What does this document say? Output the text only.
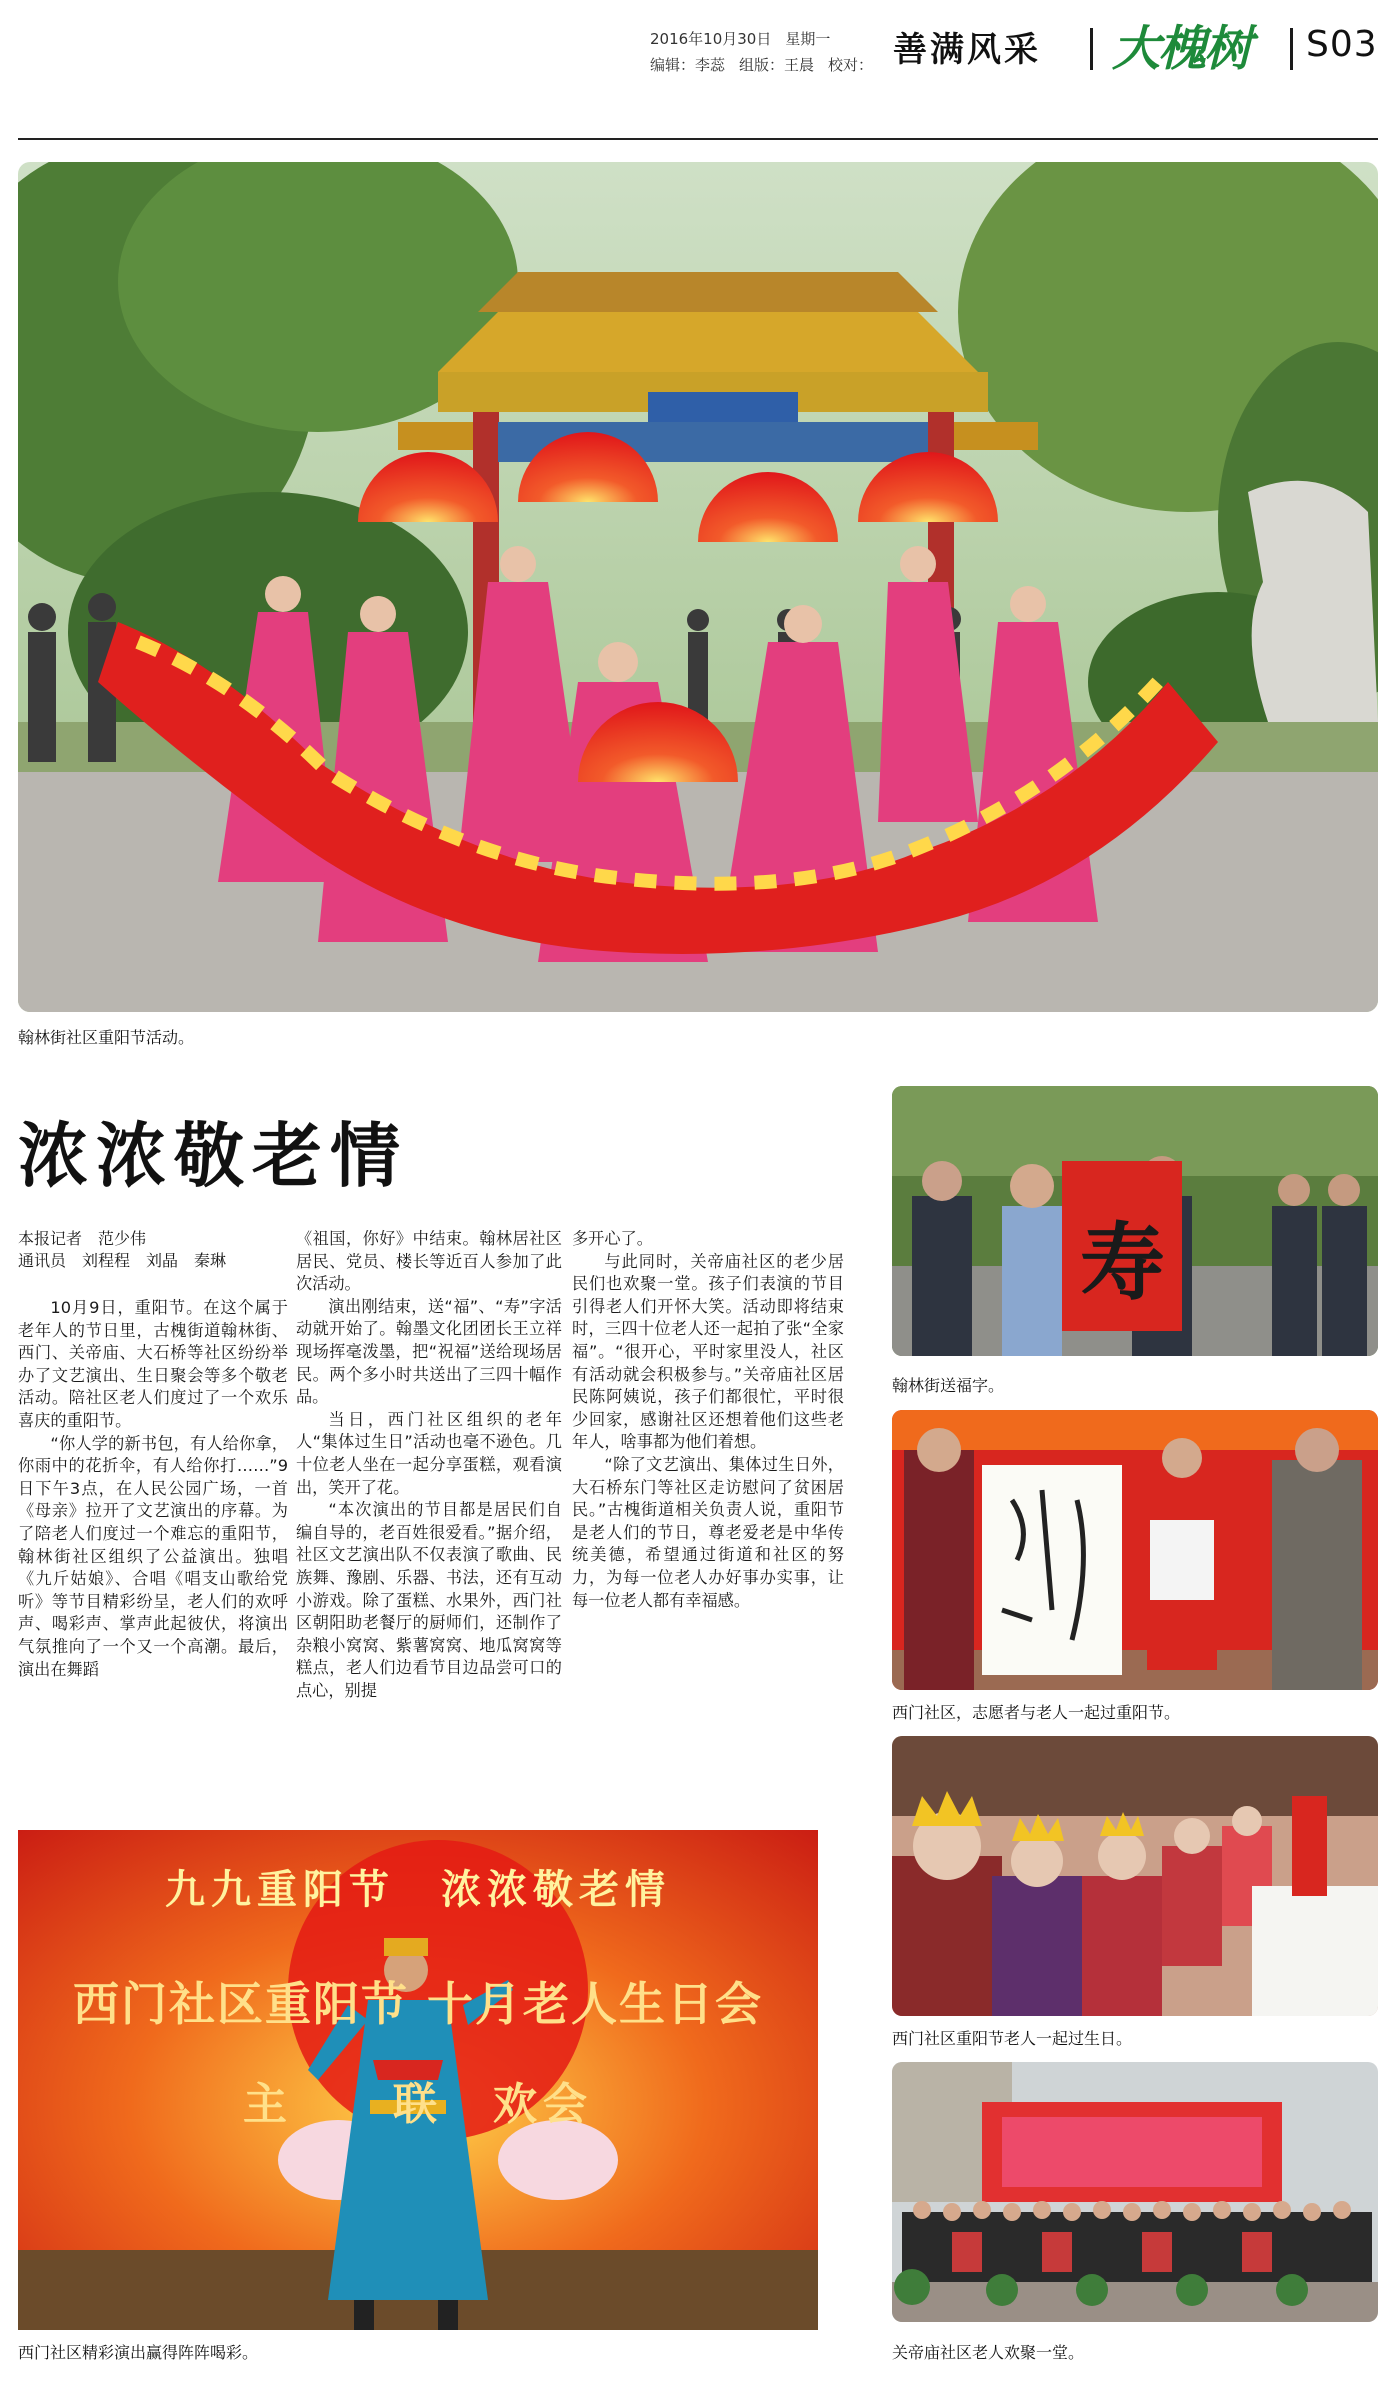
2016年10月30日 星期一
编辑：李蕊 组版：王晨 校对： 善满风采 大槐树 S03
翰林街社区重阳节活动。
浓浓敬老情
本报记者　范少伟
通讯员　刘程程　刘晶　秦琳

10月9日，重阳节。在这个属于老年人的节日里，古槐街道翰林街、西门、关帝庙、大石桥等社区纷纷举办了文艺演出、生日聚会等多个敬老活动。陪社区老人们度过了一个欢乐喜庆的重阳节。

“你人学的新书包，有人给你拿，你雨中的花折伞，有人给你打……”9日下午3点，在人民公园广场，一首《母亲》拉开了文艺演出的序幕。为了陪老人们度过一个难忘的重阳节，翰林街社区组织了公益演出。独唱《九斤姑娘》、合唱《唱支山歌给党听》等节目精彩纷呈，老人们的欢呼声、喝彩声、掌声此起彼伏，将演出气氛推向了一个又一个高潮。最后，演出在舞蹈

《祖国，你好》中结束。翰林居社区居民、党员、楼长等近百人参加了此次活动。

演出刚结束，送“福”、“寿”字活动就开始了。翰墨文化团团长王立祥现场挥毫泼墨，把“祝福”送给现场居民。两个多小时共送出了三四十幅作品。

当日，西门社区组织的老年人“集体过生日”活动也毫不逊色。几十位老人坐在一起分享蛋糕，观看演出，笑开了花。

“本次演出的节目都是居民们自编自导的，老百姓很爱看。”据介绍，社区文艺演出队不仅表演了歌曲、民族舞、豫剧、乐器、书法，还有互动小游戏。除了蛋糕、水果外，西门社区朝阳助老餐厅的厨师们，还制作了杂粮小窝窝、紫薯窝窝、地瓜窝窝等糕点，老人们边看节目边品尝可口的点心，别提

多开心了。

与此同时，关帝庙社区的老少居民们也欢聚一堂。孩子们表演的节目引得老人们开怀大笑。活动即将结束时，三四十位老人还一起拍了张“全家福”。“很开心，平时家里没人，社区有活动就会积极参与。”关帝庙社区居民陈阿姨说，孩子们都很忙，平时很少回家，感谢社区还想着他们这些老年人，啥事都为他们着想。

“除了文艺演出、集体过生日外，大石桥东门等社区走访慰问了贫困居民。”古槐街道相关负责人说，重阳节是老人们的节日，尊老爱老是中华传统美德，希望通过街道和社区的努力，为每一位老人办好事办实事，让每一位老人都有幸福感。

九九重阳节　浓浓敬老情
西门社区重阳节 十月老人生日会
主　　联　欢会
西门社区精彩演出赢得阵阵喝彩。
寿
翰林街送福字。
西门社区，志愿者与老人一起过重阳节。
西门社区重阳节老人一起过生日。
关帝庙社区老人欢聚一堂。
